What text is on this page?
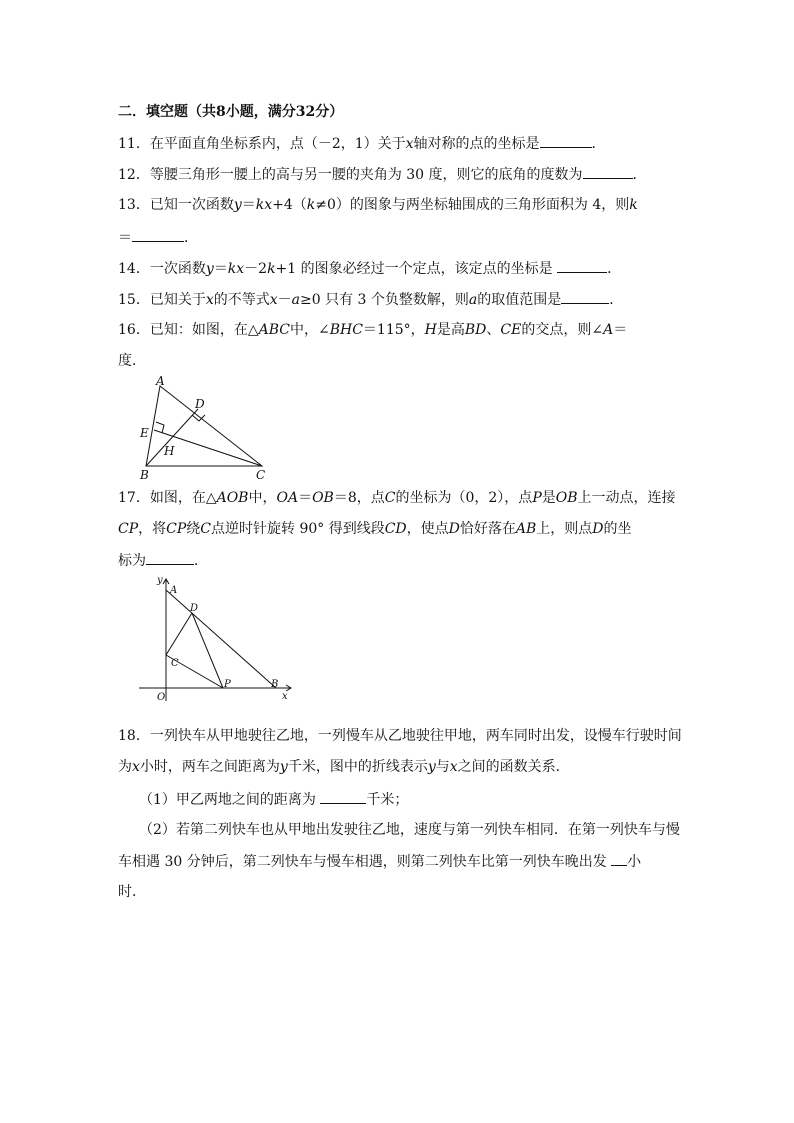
二．填空题（共8小题，满分32分）
11．在平面直角坐标系内，点（－2，1）关于x轴对称的点的坐标是	．
12．等腰三角形一腰上的高与另一腰的夹角为 30 度，则它的底角的度数为	．
13．已知一次函数y＝kx+4（k≠0）的图象与两坐标轴围成的三角形面积为 4，则k
＝	．
14．一次函数y＝kx－2k+1 的图象必经过一个定点，该定点的坐标是	．
15．已知关于x的不等式x－a≥0 只有 3 个负整数解，则a的取值范围是	．
16．已知：如图，在△ABC中，∠BHC＝115°，H是高BD、CE的交点，则∠A＝
度．
A
D
E
H
B	C
17．如图，在△AOB中，OA＝OB＝8，点C的坐标为（0，2），点P是OB上一动点，连接
CP，将CP绕C点逆时针旋转 90° 得到线段CD，使点D恰好落在AB上，则点D的坐
标为	．
y
A
D
C
O
P	B
x
18．一列快车从甲地驶往乙地，一列慢车从乙地驶往甲地，两车同时出发，设慢车行驶时间
为x小时，两车之间距离为y千米，图中的折线表示y与x之间的函数关系．
（1）甲乙两地之间的距离为	千米；
（2）若第二列快车也从甲地出发驶往乙地，速度与第一列快车相同．在第一列快车与慢
车相遇 30 分钟后，第二列快车与慢车相遇，则第二列快车比第一列快车晚出发 小
时．
